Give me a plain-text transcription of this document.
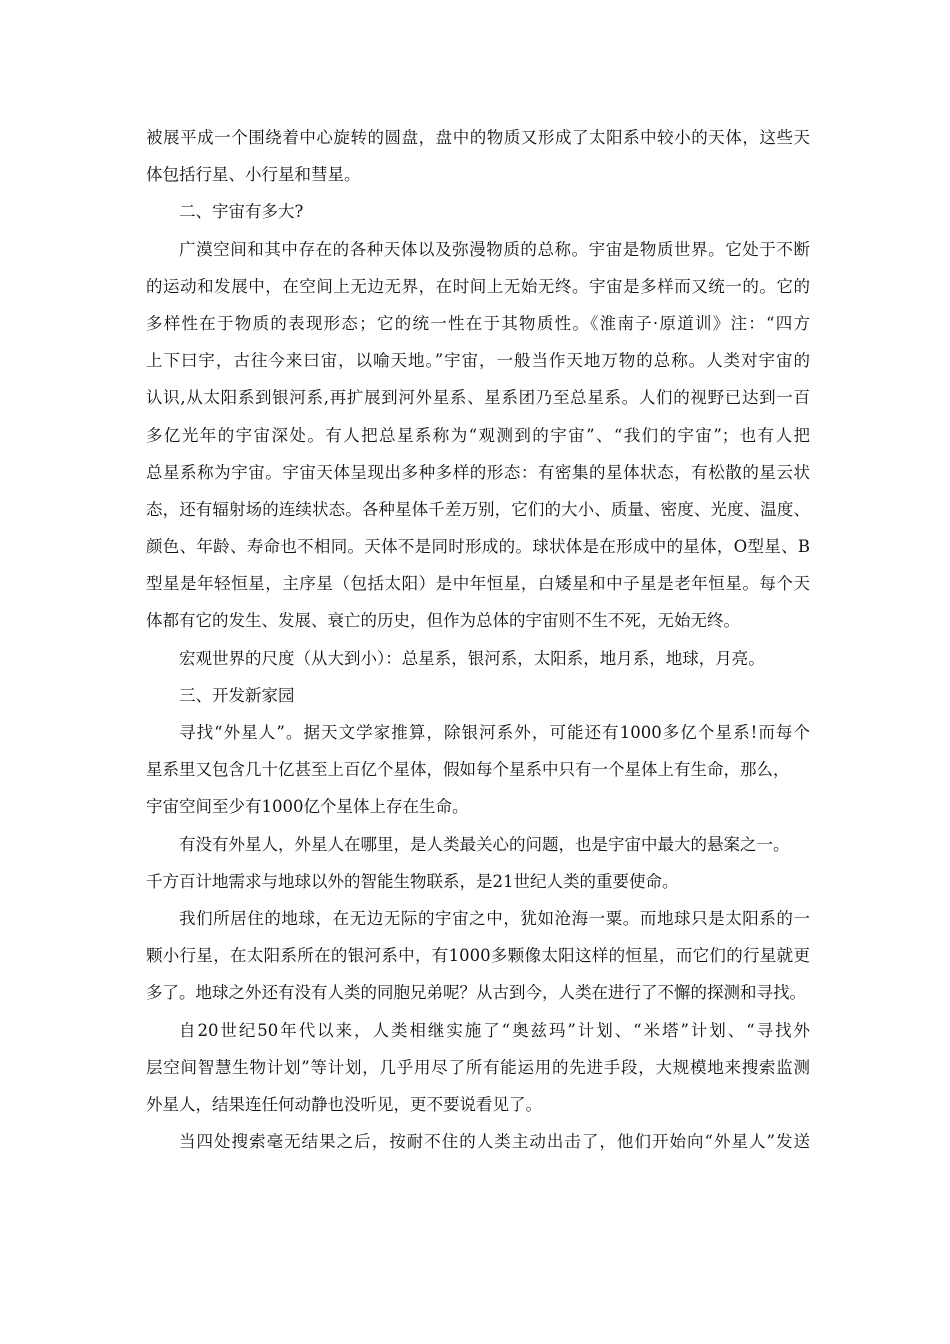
被展平成一个围绕着中心旋转的圆盘，盘中的物质又形成了太阳系中较小的天体，这些天
体包括行星、小行星和彗星。
二、宇宙有多大?
广漠空间和其中存在的各种天体以及弥漫物质的总称。宇宙是物质世界。它处于不断
的运动和发展中，在空间上无边无界，在时间上无始无终。宇宙是多样而又统一的。它的
多样性在于物质的表现形态；它的统一性在于其物质性。《淮南子·原道训》注：“四方
上下曰宇，古往今来曰宙，以喻天地。”宇宙，一般当作天地万物的总称。人类对宇宙的
认识,从太阳系到银河系,再扩展到河外星系、星系团乃至总星系。人们的视野已达到一百
多亿光年的宇宙深处。有人把总星系称为“观测到的宇宙”、“我们的宇宙”；也有人把
总星系称为宇宙。宇宙天体呈现出多种多样的形态：有密集的星体状态，有松散的星云状
态，还有辐射场的连续状态。各种星体千差万别，它们的大小、质量、密度、光度、温度、
颜色、年龄、寿命也不相同。天体不是同时形成的。球状体是在形成中的星体，O型星、B
型星是年轻恒星，主序星（包括太阳）是中年恒星，白矮星和中子星是老年恒星。每个天
体都有它的发生、发展、衰亡的历史，但作为总体的宇宙则不生不死，无始无终。
宏观世界的尺度（从大到小）：总星系，银河系，太阳系，地月系，地球，月亮。
三、开发新家园
寻找“外星人”。据天文学家推算，除银河系外，可能还有1000多亿个星系!而每个
星系里又包含几十亿甚至上百亿个星体，假如每个星系中只有一个星体上有生命，那么，
宇宙空间至少有1000亿个星体上存在生命。
有没有外星人，外星人在哪里，是人类最关心的问题，也是宇宙中最大的悬案之一。
千方百计地需求与地球以外的智能生物联系，是21世纪人类的重要使命。
我们所居住的地球，在无边无际的宇宙之中，犹如沧海一粟。而地球只是太阳系的一
颗小行星，在太阳系所在的银河系中，有1000多颗像太阳这样的恒星，而它们的行星就更
多了。地球之外还有没有人类的同胞兄弟呢？从古到今，人类在进行了不懈的探测和寻找。
自20世纪50年代以来，人类相继实施了“奥兹玛”计划、“米塔”计划、“寻找外
层空间智慧生物计划”等计划，几乎用尽了所有能运用的先进手段，大规模地来搜索监测
外星人，结果连任何动静也没听见，更不要说看见了。
当四处搜索毫无结果之后，按耐不住的人类主动出击了，他们开始向“外星人”发送
